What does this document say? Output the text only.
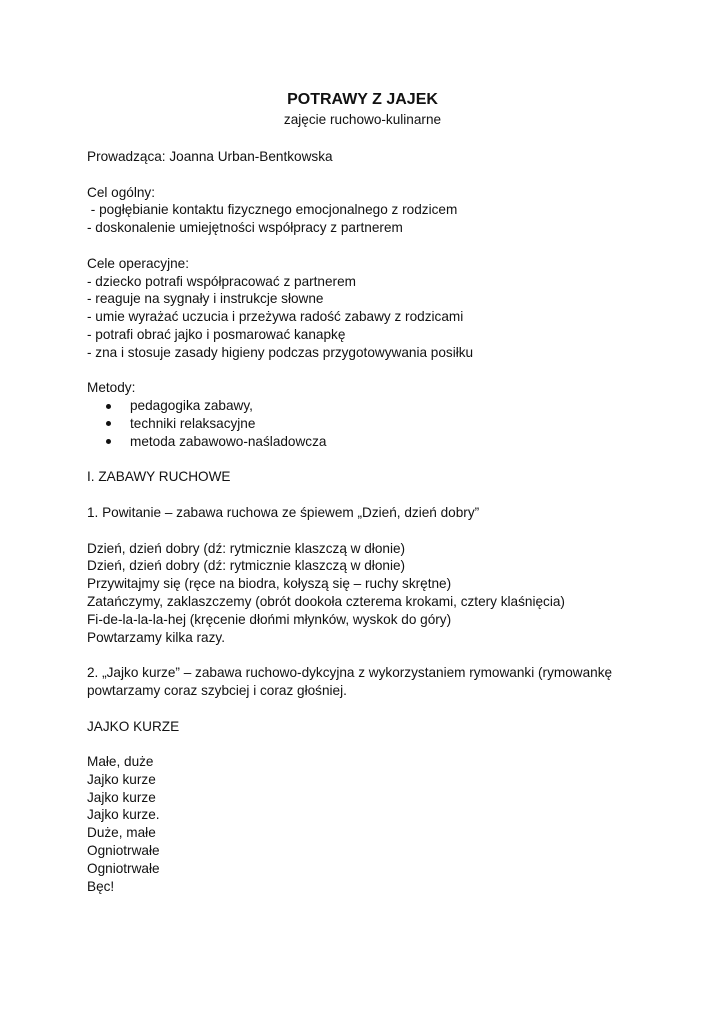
POTRAWY Z JAJEK
zajęcie ruchowo-kulinarne
Prowadząca: Joanna Urban-Bentkowska
Cel ogólny:
- pogłębianie kontaktu fizycznego emocjonalnego z rodzicem
- doskonalenie umiejętności współpracy z partnerem
Cele operacyjne:
- dziecko potrafi współpracować z partnerem
- reaguje na sygnały i instrukcje słowne
- umie wyrażać uczucia i przeżywa radość zabawy z rodzicami
- potrafi obrać jajko i posmarować kanapkę
- zna i stosuje zasady higieny podczas przygotowywania posiłku
Metody:
pedagogika zabawy,
techniki relaksacyjne
metoda zabawowo-naśladowcza
I. ZABAWY RUCHOWE
1. Powitanie – zabawa ruchowa ze śpiewem „Dzień, dzień dobry”
Dzień, dzień dobry (dź: rytmicznie klaszczą w dłonie)
Dzień, dzień dobry (dź: rytmicznie klaszczą w dłonie)
Przywitajmy się (ręce na biodra, kołyszą się – ruchy skrętne)
Zatańczymy, zaklaszczemy (obrót dookoła czterema krokami, cztery klaśnięcia)
Fi-de-la-la-la-hej (kręcenie dłońmi młynków, wyskok do góry)
Powtarzamy kilka razy.
2. „Jajko kurze” – zabawa ruchowo-dykcyjna z wykorzystaniem rymowanki (rymowankę
powtarzamy coraz szybciej i coraz głośniej.
JAJKO KURZE
Małe, duże
Jajko kurze
Jajko kurze
Jajko kurze.
Duże, małe
Ogniotrwałe
Ogniotrwałe
Bęc!
